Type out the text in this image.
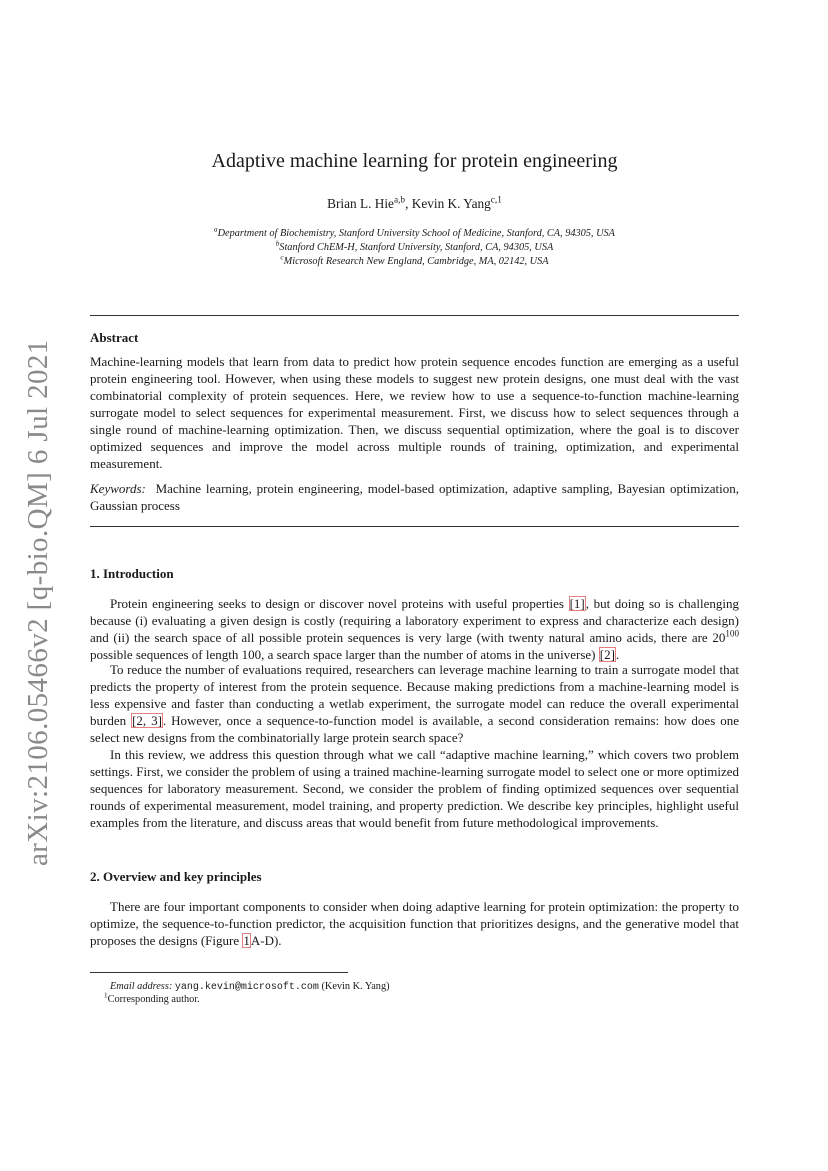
arXiv:2106.05466v2 [q-bio.QM] 6 Jul 2021
Adaptive machine learning for protein engineering
Brian L. Hie$^{a,b}$, Kevin K. Yang$^{c,1}$
$^a$Department of Biochemistry, Stanford University School of Medicine, Stanford, CA, 94305, USA
$^b$Stanford ChEM-H, Stanford University, Stanford, CA, 94305, USA
$^c$Microsoft Research New England, Cambridge, MA, 02142, USA
Abstract
Machine-learning models that learn from data to predict how protein sequence encodes function are emerging as a useful protein engineering tool. However, when using these models to suggest new protein designs, one must deal with the vast combinatorial complexity of protein sequences. Here, we review how to use a sequence-to-function machine-learning surrogate model to select sequences for experimental measurement. First, we discuss how to select sequences through a single round of machine-learning optimization. Then, we discuss sequential optimization, where the goal is to discover optimized sequences and improve the model across multiple rounds of training, optimization, and experimental measurement.
Keywords: Machine learning, protein engineering, model-based optimization, adaptive sampling, Bayesian optimization, Gaussian process
1. Introduction
Protein engineering seeks to design or discover novel proteins with useful properties [1], but doing so is challenging because (i) evaluating a given design is costly (requiring a laboratory experiment to express and characterize each design) and (ii) the search space of all possible protein sequences is very large (with twenty natural amino acids, there are $20^{100}$ possible sequences of length 100, a search space larger than the number of atoms in the universe) [2].
To reduce the number of evaluations required, researchers can leverage machine learning to train a surrogate model that predicts the property of interest from the protein sequence. Because making predictions from a machine-learning model is less expensive and faster than conducting a wetlab experiment, the surrogate model can reduce the overall experimental burden [2, 3]. However, once a sequence-to-function model is available, a second consideration remains: how does one select new designs from the combinatorially large protein search space?
In this review, we address this question through what we call “adaptive machine learning,” which covers two problem settings. First, we consider the problem of using a trained machine-learning surrogate model to select one or more optimized sequences for laboratory measurement. Second, we consider the problem of finding optimized sequences over sequential rounds of experimental measurement, model training, and property prediction. We describe key principles, highlight useful examples from the literature, and discuss areas that would benefit from future methodological improvements.
2. Overview and key principles
There are four important components to consider when doing adaptive learning for protein optimization: the property to optimize, the sequence-to-function predictor, the acquisition function that prioritizes designs, and the generative model that proposes the designs (Figure 1A-D).
Email address: yang.kevin@microsoft.com (Kevin K. Yang)
$^1$Corresponding author.
